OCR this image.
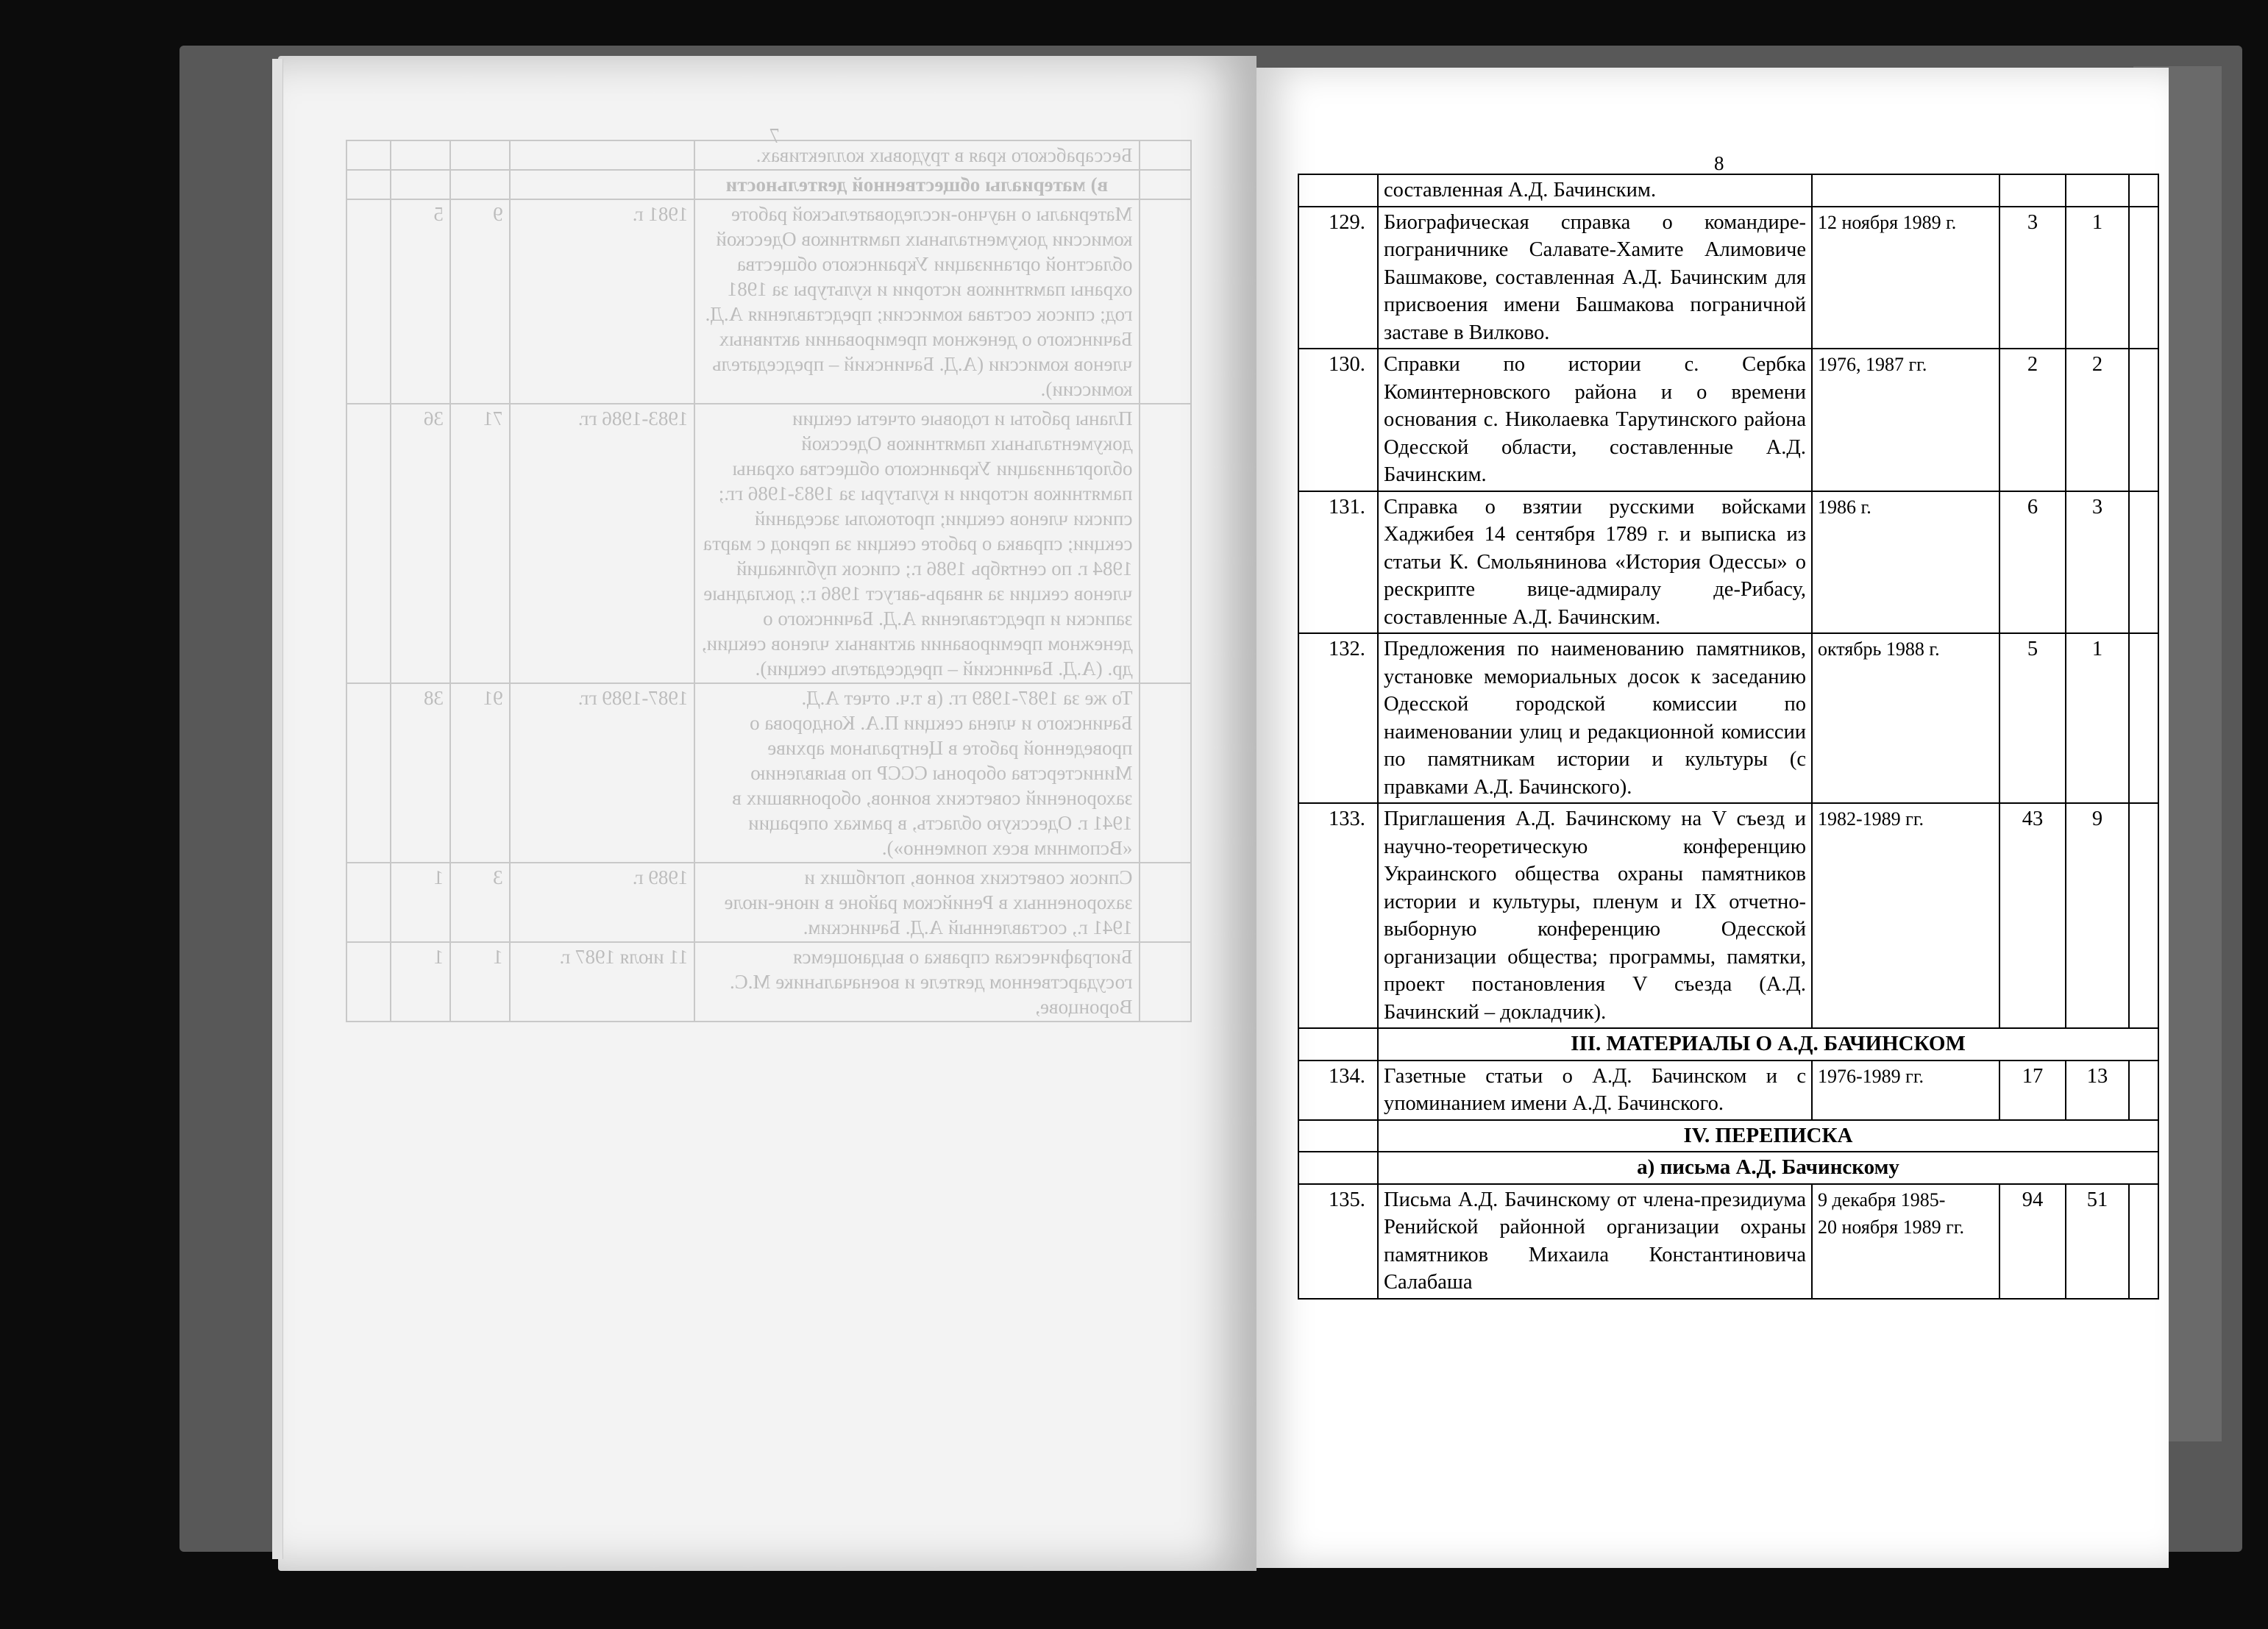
7
	Бессарабского края в трудовых коллективах.				
	в) материалы общественной деятельности				
	Материалы о научно-исследовательской работе комиссии документальных памятников Одесской областной организации Украинского общества охраны памятников истории и культуры за 1981 год; список состава комиссии; представления А.Д. Бачинского о денежном премировании активных членов комиссии (А.Д. Бачинский – председатель комиссии).	1981 г.	9	5	
	Планы работы и годовые отчеты секции документальных памятников Одесской облорганизации Украинского общества охраны памятников истории и культуры за 1983-1986 гг.; списки членов секции; протоколы заседаний секции; справка о работе секции за период с марта 1984 г. по сентябрь 1986 г.; список публикаций членов секции за январь-август 1986 г.; докладные записки и представления А.Д. Бачинского о денежном премировании активных членов секции, др. (А.Д. Бачинский – председатель секции).	1983-1986 гг.	71	36	
	То же за 1987-1989 гг. (в т.ч. отчет А.Д. Бачинского и члена секции П.А. Кондорова о проведенной работе в Центральном архиве Министерства обороны СССР по выявлению захоронений советских воинов, оборонявших в 1941 г. Одесскую область, в рамках операции «Вспомним всех поименно»).	1987-1989 гг.	91	38	
	Список советских воинов, погибших и захороненных в Ренийском районе в июне-июле 1941 г., составленный А.Д. Бачинским.	1989 г.	3	1	
	Биографическая справка о выдающемся государственном деятеле и военачальнике М.С. Воронцове,	11 июля 1987 г.	1	1	
8
	составленная А.Д. Бачинским.				
129.	Биографическая справка о командире-пограничнике Салавате-Хамите Алимовиче Башмакове, составленная А.Д. Бачинским для присвоения имени Башмакова пограничной заставе в Вилково.	12 ноября 1989 г.	3	1	
130.	Справки по истории с. Сербка Коминтерновского района и о времени основания с. Николаевка Тарутинского района Одесской области, составленные А.Д. Бачинским.	1976, 1987 гг.	2	2	
131.	Справка о взятии русскими войсками Хаджибея 14 сентября 1789 г. и выписка из статьи К. Смольянинова «История Одессы» о рескрипте вице-адмиралу де-Рибасу, составленные А.Д. Бачинским.	1986 г.	6	3	
132.	Предложения по наименованию памятников, установке мемориальных досок к заседанию Одесской городской комиссии по наименовании улиц и редакционной комиссии по памятникам истории и культуры (с правками А.Д. Бачинского).	октябрь 1988 г.	5	1	
133.	Приглашения А.Д. Бачинскому на V съезд и научно-теоретическую конференцию Украинского общества охраны памятников истории и культуры, пленум и IX отчетно-выборную конференцию Одесской организации общества; программы, памятки, проект постановления V съезда (А.Д. Бачинский – докладчик).	1982-1989 гг.	43	9	
	III. МАТЕРИАЛЫ О А.Д. БАЧИНСКОМ				
134.	Газетные статьи о А.Д. Бачинском и с упоминанием имени А.Д. Бачинского.	1976-1989 гг.	17	13	
	IV. ПЕРЕПИСКА				
	а) письма А.Д. Бачинскому				
135.	Письма А.Д. Бачинскому от члена-президиума Ренийской районной организации охраны памятников Михаила Константиновича Салабаша	9 декабря 1985-
20 ноября 1989 гг.	94	51	
